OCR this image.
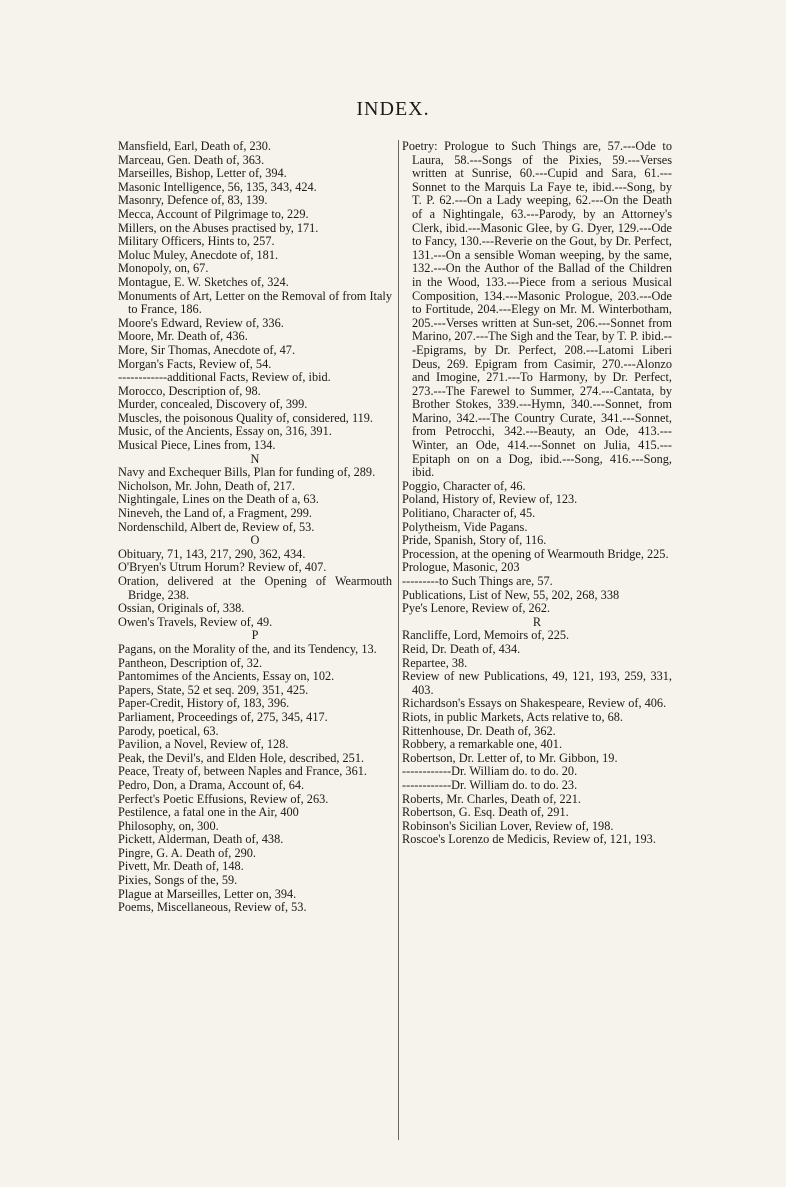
INDEX.
Mansfield, Earl, Death of, 230.
Marceau, Gen. Death of, 363.
Marseilles, Bishop, Letter of, 394.
Masonic Intelligence, 56, 135, 343, 424.
Masonry, Defence of, 83, 139.
Mecca, Account of Pilgrimage to, 229.
Millers, on the Abuses practised by, 171.
Military Officers, Hints to, 257.
Moluc Muley, Anecdote of, 181.
Monopoly, on, 67.
Montague, E. W. Sketches of, 324.
Monuments of Art, Letter on the Removal of from Italy to France, 186.
Moore's Edward, Review of, 336.
Moore, Mr. Death of, 436.
More, Sir Thomas, Anecdote of, 47.
Morgan's Facts, Review of, 54.
------------additional Facts, Review of, ibid.
Morocco, Description of, 98.
Murder, concealed, Discovery of, 399.
Muscles, the poisonous Quality of, considered, 119.
Music, of the Ancients, Essay on, 316, 391.
Musical Piece, Lines from, 134.
N
Navy and Exchequer Bills, Plan for funding of, 289.
Nicholson, Mr. John, Death of, 217.
Nightingale, Lines on the Death of a, 63.
Nineveh, the Land of, a Fragment, 299.
Nordenschild, Albert de, Review of, 53.
O
Obituary, 71, 143, 217, 290, 362, 434.
O'Bryen's Utrum Horum? Review of, 407.
Oration, delivered at the Opening of Wearmouth Bridge, 238.
Ossian, Originals of, 338.
Owen's Travels, Review of, 49.
P
Pagans, on the Morality of the, and its Tendency, 13.
Pantheon, Description of, 32.
Pantomimes of the Ancients, Essay on, 102.
Papers, State, 52 et seq. 209, 351, 425.
Paper-Credit, History of, 183, 396.
Parliament, Proceedings of, 275, 345, 417.
Parody, poetical, 63.
Pavilion, a Novel, Review of, 128.
Peak, the Devil's, and Elden Hole, described, 251.
Peace, Treaty of, between Naples and France, 361.
Pedro, Don, a Drama, Account of, 64.
Perfect's Poetic Effusions, Review of, 263.
Pestilence, a fatal one in the Air, 400
Philosophy, on, 300.
Pickett, Alderman, Death of, 438.
Pingre, G. A. Death of, 290.
Pivett, Mr. Death of, 148.
Pixies, Songs of the, 59.
Plague at Marseilles, Letter on, 394.
Poems, Miscellaneous, Review of, 53.
Poetry: Prologue to Such Things are, 57.---Ode to Laura, 58.---Songs of the Pixies, 59.---Verses written at Sunrise, 60.---Cupid and Sara, 61.---Sonnet to the Marquis La Faye te, ibid.---Song, by T. P. 62.---On a Lady weeping, 62.---On the Death of a Nightingale, 63.---Parody, by an Attorney's Clerk, ibid.---Masonic Glee, by G. Dyer, 129.---Ode to Fancy, 130.---Reverie on the Gout, by Dr. Perfect, 131.---On a sensible Woman weeping, by the same, 132.---On the Author of the Ballad of the Children in the Wood, 133.---Piece from a serious Musical Composition, 134.---Masonic Prologue, 203.---Ode to Fortitude, 204.---Elegy on Mr. M. Winterbotham, 205.---Verses written at Sun-set, 206.---Sonnet from Marino, 207.---The Sigh and the Tear, by T. P. ibid.---Epigrams, by Dr. Perfect, 208.---Latomi Liberi Deus, 269. Epigram from Casimir, 270.---Alonzo and Imogine, 271.---To Harmony, by Dr. Perfect, 273.---The Farewel to Summer, 274.---Cantata, by Brother Stokes, 339.---Hymn, 340.---Sonnet, from Marino, 342.---The Country Curate, 341.---Sonnet, from Petrocchi, 342.---Beauty, an Ode, 413.---Winter, an Ode, 414.---Sonnet on Julia, 415.---Epitaph on on a Dog, ibid.---Song, 416.---Song, ibid.
Poggio, Character of, 46.
Poland, History of, Review of, 123.
Politiano, Character of, 45.
Polytheism, Vide Pagans.
Pride, Spanish, Story of, 116.
Procession, at the opening of Wearmouth Bridge, 225.
Prologue, Masonic, 203
---------to Such Things are, 57.
Publications, List of New, 55, 202, 268, 338
Pye's Lenore, Review of, 262.
R
Rancliffe, Lord, Memoirs of, 225.
Reid, Dr. Death of, 434.
Repartee, 38.
Review of new Publications, 49, 121, 193, 259, 331, 403.
Richardson's Essays on Shakespeare, Review of, 406.
Riots, in public Markets, Acts relative to, 68.
Rittenhouse, Dr. Death of, 362.
Robbery, a remarkable one, 401.
Robertson, Dr. Letter of, to Mr. Gibbon, 19.
------------Dr. William do. to do. 20.
------------Dr. William do. to do. 23.
Roberts, Mr. Charles, Death of, 221.
Robertson, G. Esq. Death of, 291.
Robinson's Sicilian Lover, Review of, 198.
Roscoe's Lorenzo de Medicis, Review of, 121, 193.
